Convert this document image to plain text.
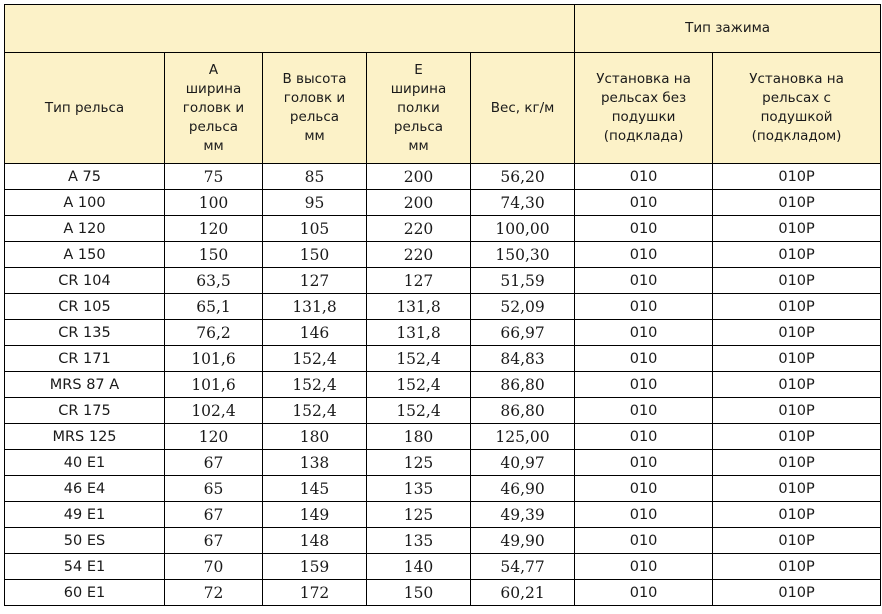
					Тип зажима	
Тип рельса	A ширина головк и рельса мм	B высота головк и рельса мм	E ширина полки рельса мм	Вес, кг/м	Установка на рельсах без подушки (подклада)	Установка на рельсах с подушкой (подкладом)

A 75	75	85	200	56,20	010	010P
A 100	100	95	200	74,30	010	010P
A 120	120	105	220	100,00	010	010P
A 150	150	150	220	150,30	010	010P
CR 104	63,5	127	127	51,59	010	010P
CR 105	65,1	131,8	131,8	52,09	010	010P
CR 135	76,2	146	131,8	66,97	010	010P
CR 171	101,6	152,4	152,4	84,83	010	010P
MRS 87 A	101,6	152,4	152,4	86,80	010	010P
CR 175	102,4	152,4	152,4	86,80	010	010P
MRS 125	120	180	180	125,00	010	010P
40 E1	67	138	125	40,97	010	010P
46 E4	65	145	135	46,90	010	010P
49 E1	67	149	125	49,39	010	010P
50 ES	67	148	135	49,90	010	010P
54 E1	70	159	140	54,77	010	010P
60 E1	72	172	150	60,21	010	010P
